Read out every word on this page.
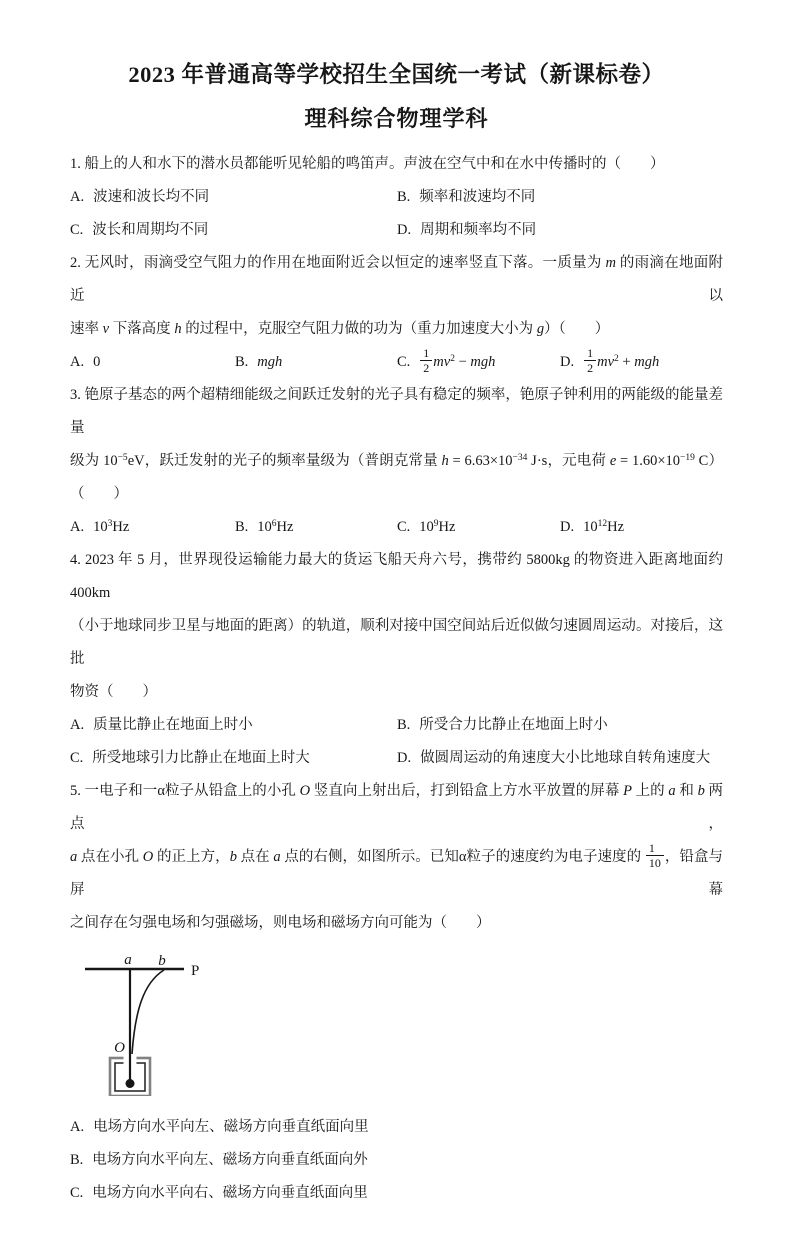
2023 年普通高等学校招生全国统一考试（新课标卷）
理科综合物理学科
1. 船上的人和水下的潜水员都能听见轮船的鸣笛声。声波在空气中和在水中传播时的（　　）
A. 波速和波长均不同	B. 频率和波速均不同
C. 波长和周期均不同	D. 周期和频率均不同
2. 无风时，雨滴受空气阻力的作用在地面附近会以恒定的速率竖直下落。一质量为 m 的雨滴在地面附近以
速率 v 下落高度 h 的过程中，克服空气阻力做的功为（重力加速度大小为 g）（　　）
A. 0	B. mgh	C. $\frac{1}{2} mv^2$ − mgh	D. $\frac{1}{2} mv^2$ + mgh
3. 铯原子基态的两个超精细能级之间跃迁发射的光子具有稳定的频率，铯原子钟利用的两能级的能量差量
级为 $10^{-5}eV$，跃迁发射的光子的频率量级为（普朗克常量 $h = 6.63\times 10^{-34}$ J·s，元电荷 $e = 1.60\times 10^{-19}$ C）
（　　）
A. $10^3Hz$	B. $10^6Hz$	C. $10^9Hz$	D. $10^{12}Hz$
4. 2023 年 5 月，世界现役运输能力最大的货运飞船天舟六号，携带约 5800kg 的物资进入距离地面约 400km
（小于地球同步卫星与地面的距离）的轨道，顺利对接中国空间站后近似做匀速圆周运动。对接后，这批
物资（　　）
A. 质量比静止在地面上时小	B. 所受合力比静止在地面上时小
C. 所受地球引力比静止在地面上时大	D. 做圆周运动的角速度大小比地球自转角速度大
5. 一电子和一α粒子从铅盒上的小孔 O 竖直向上射出后，打到铅盒上方水平放置的屏幕 P 上的 a 和 b 两点，
a 点在小孔 O 的正上方，b 点在 a 点的右侧，如图所示。已知α粒子的速度约为电子速度的 $\frac{1}{10}$ ，铅盒与屏幕
之间存在匀强电场和匀强磁场，则电场和磁场方向可能为（　　）
P
a b
O
A. 电场方向水平向左、磁场方向垂直纸面向里
B. 电场方向水平向左、磁场方向垂直纸面向外
C. 电场方向水平向右、磁场方向垂直纸面向里
